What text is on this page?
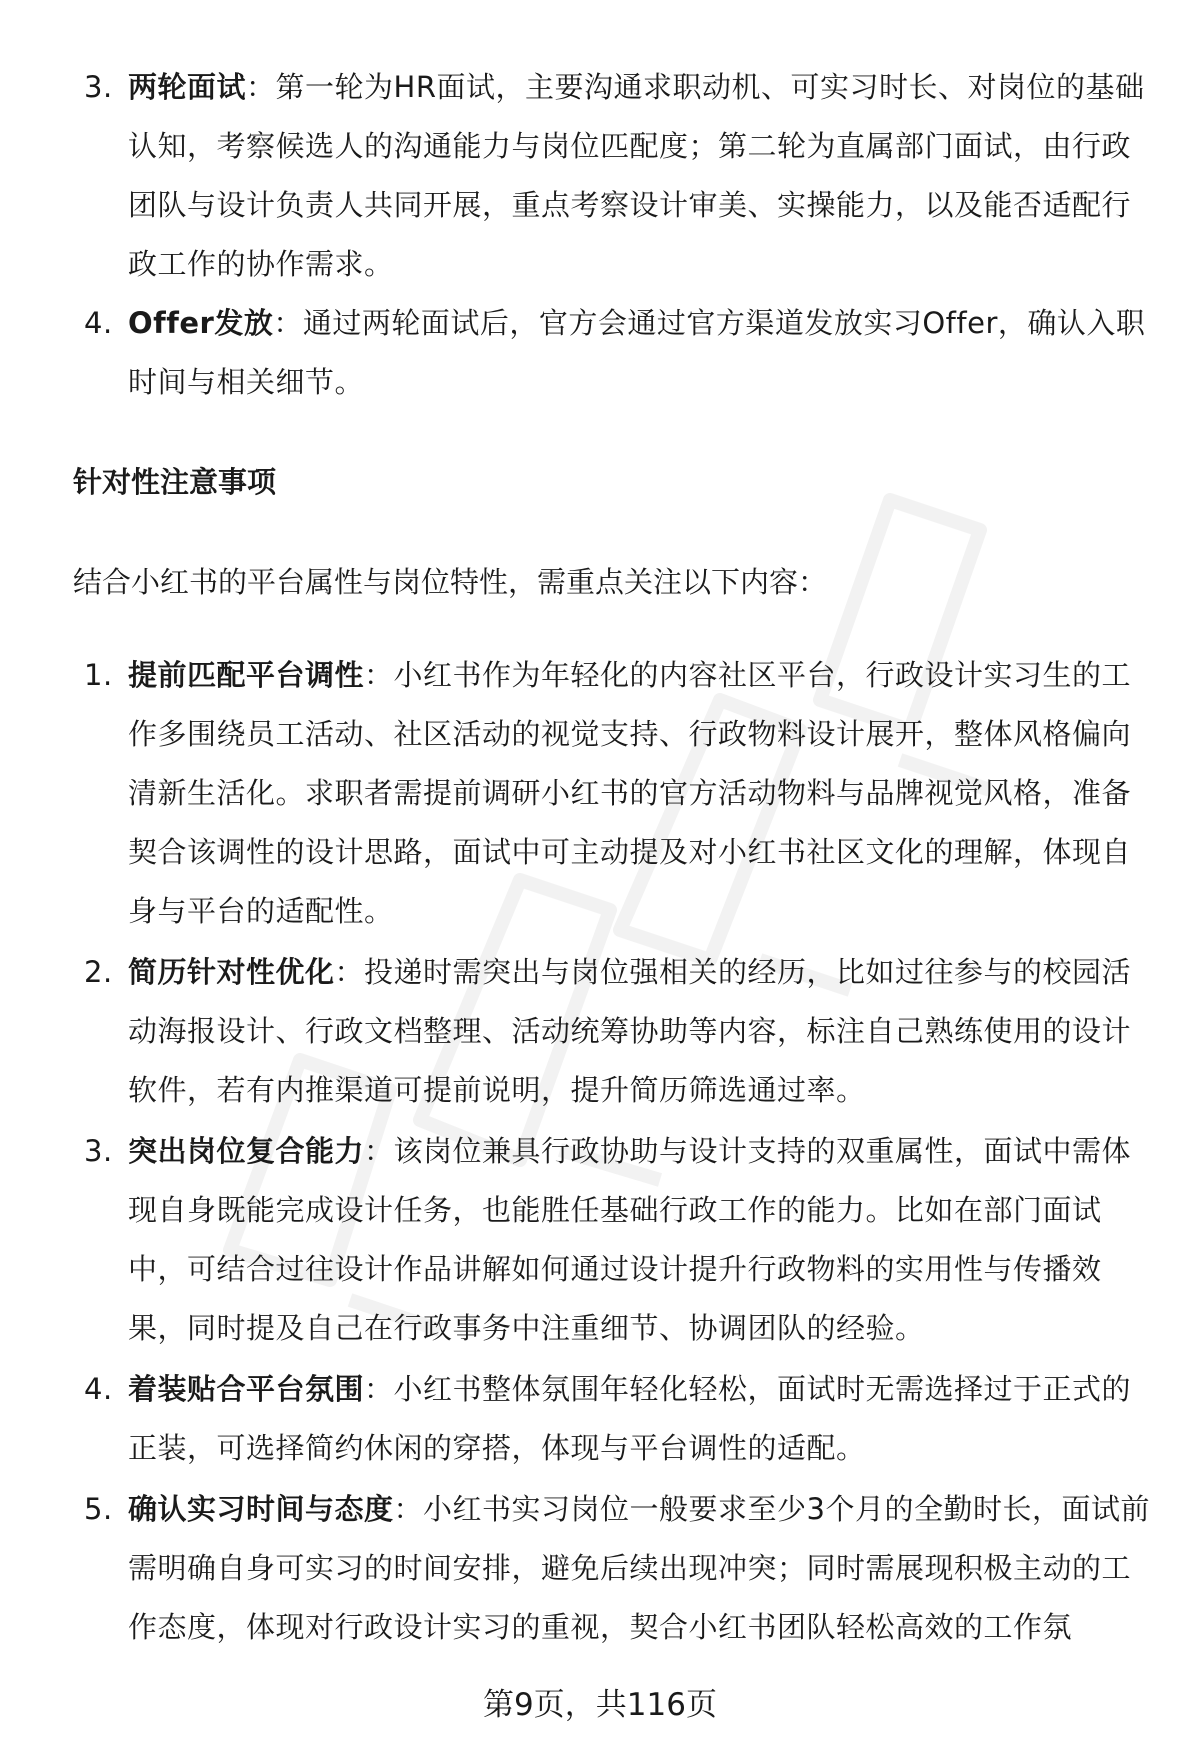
3. 两轮面试：第一轮为HR面试，主要沟通求职动机、可实习时长、对岗位的基础认知，考察候选人的沟通能力与岗位匹配度；第二轮为直属部门面试，由行政团队与设计负责人共同开展，重点考察设计审美、实操能力，以及能否适配行政工作的协作需求。
4. Offer发放：通过两轮面试后，官方会通过官方渠道发放实习Offer，确认入职时间与相关细节。
针对性注意事项
结合小红书的平台属性与岗位特性，需重点关注以下内容：
1. 提前匹配平台调性：小红书作为年轻化的内容社区平台，行政设计实习生的工作多围绕员工活动、社区活动的视觉支持、行政物料设计展开，整体风格偏向清新生活化。求职者需提前调研小红书的官方活动物料与品牌视觉风格，准备契合该调性的设计思路，面试中可主动提及对小红书社区文化的理解，体现自身与平台的适配性。
2. 简历针对性优化：投递时需突出与岗位强相关的经历，比如过往参与的校园活动海报设计、行政文档整理、活动统筹协助等内容，标注自己熟练使用的设计软件，若有内推渠道可提前说明，提升简历筛选通过率。
3. 突出岗位复合能力：该岗位兼具行政协助与设计支持的双重属性，面试中需体现自身既能完成设计任务，也能胜任基础行政工作的能力。比如在部门面试中，可结合过往设计作品讲解如何通过设计提升行政物料的实用性与传播效果，同时提及自己在行政事务中注重细节、协调团队的经验。
4. 着装贴合平台氛围：小红书整体氛围年轻化轻松，面试时无需选择过于正式的正装，可选择简约休闲的穿搭，体现与平台调性的适配。
5. 确认实习时间与态度：小红书实习岗位一般要求至少3个月的全勤时长，面试前需明确自身可实习的时间安排，避免后续出现冲突；同时需展现积极主动的工作态度，体现对行政设计实习的重视，契合小红书团队轻松高效的工作氛
第9页，共116页
